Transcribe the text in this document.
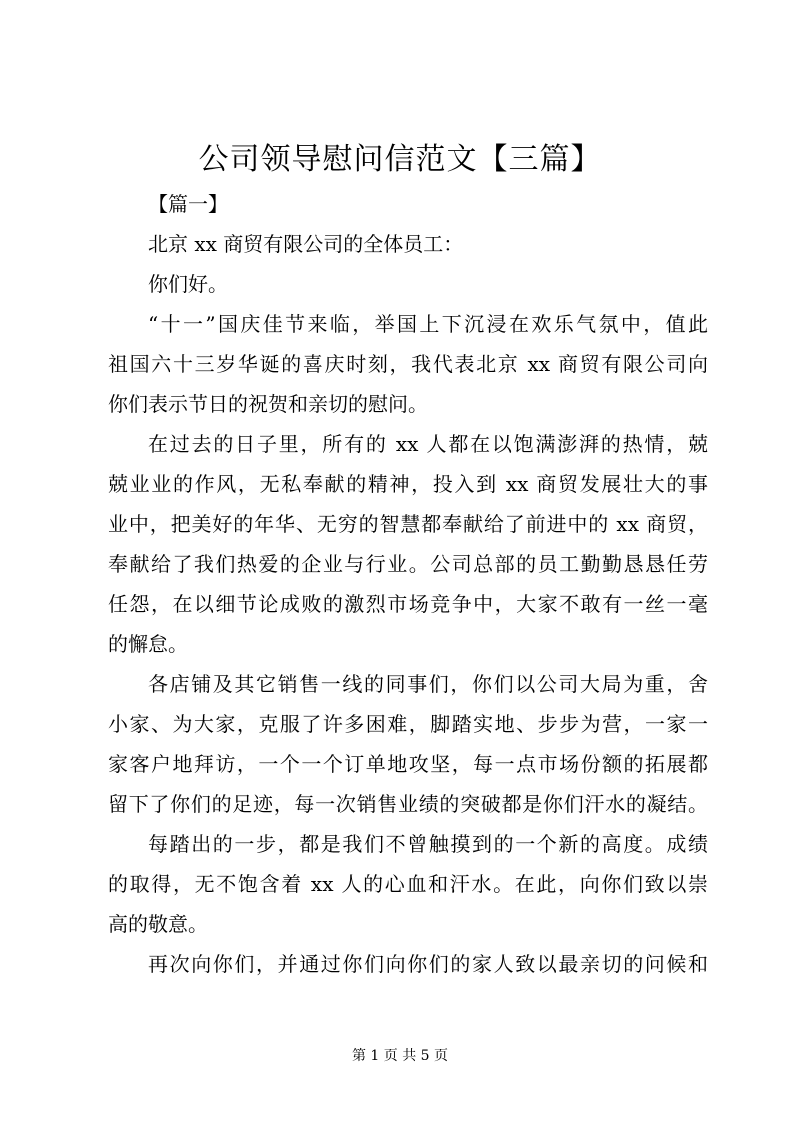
公司领导慰问信范文【三篇】
【篇一】
北京 xx 商贸有限公司的全体员工：
你们好。
“十一”国庆佳节来临，举国上下沉浸在欢乐气氛中，值此
祖国六十三岁华诞的喜庆时刻，我代表北京 xx 商贸有限公司向
你们表示节日的祝贺和亲切的慰问。
在过去的日子里，所有的 xx 人都在以饱满澎湃的热情，兢
兢业业的作风，无私奉献的精神，投入到 xx 商贸发展壮大的事
业中，把美好的年华、无穷的智慧都奉献给了前进中的 xx 商贸，
奉献给了我们热爱的企业与行业。公司总部的员工勤勤恳恳任劳
任怨，在以细节论成败的激烈市场竞争中，大家不敢有一丝一毫
的懈怠。
各店铺及其它销售一线的同事们，你们以公司大局为重，舍
小家、为大家，克服了许多困难，脚踏实地、步步为营，一家一
家客户地拜访，一个一个订单地攻坚，每一点市场份额的拓展都
留下了你们的足迹，每一次销售业绩的突破都是你们汗水的凝结。
每踏出的一步，都是我们不曾触摸到的一个新的高度。成绩
的取得，无不饱含着 xx 人的心血和汗水。在此，向你们致以崇
高的敬意。
再次向你们，并通过你们向你们的家人致以最亲切的问候和
第 1 页 共 5 页
